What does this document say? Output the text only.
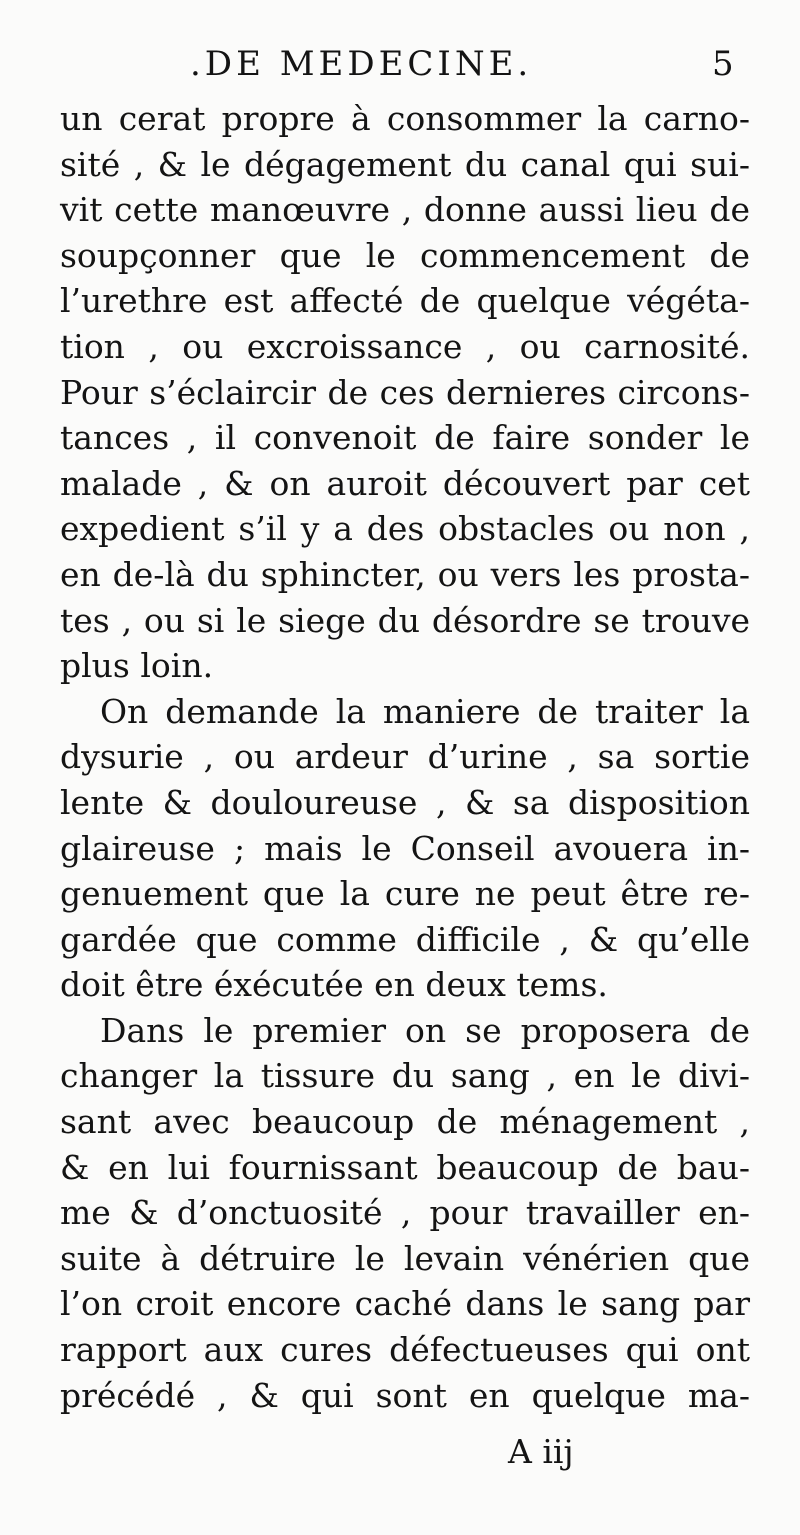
.DE MEDECINE.	5
un cerat propre à consommer la carno-
sité , & le dégagement du canal qui sui-
vit cette manœuvre , donne aussi lieu de
soupçonner que le commencement de
l’urethre est affecté de quelque végéta-
tion , ou excroissance , ou carnosité.
Pour s’éclaircir de ces dernieres circons-
tances , il convenoit de faire sonder le
malade , & on auroit découvert par cet
expedient s’il y a des obstacles ou non ,
en de-là du sphincter, ou vers les prosta-
tes , ou si le siege du désordre se trouve
plus loin.
On demande la maniere de traiter la
dysurie , ou ardeur d’urine , sa sortie
lente & douloureuse , & sa disposition
glaireuse ; mais le Conseil avouera in-
genuement que la cure ne peut être re-
gardée que comme difficile , & qu’elle
doit être éxécutée en deux tems.
Dans le premier on se proposera de
changer la tissure du sang , en le divi-
sant avec beaucoup de ménagement ,
& en lui fournissant beaucoup de bau-
me & d’onctuosité , pour travailler en-
suite à détruire le levain vénérien que
l’on croit encore caché dans le sang par
rapport aux cures défectueuses qui ont
précédé , & qui sont en quelque ma-
A iij
